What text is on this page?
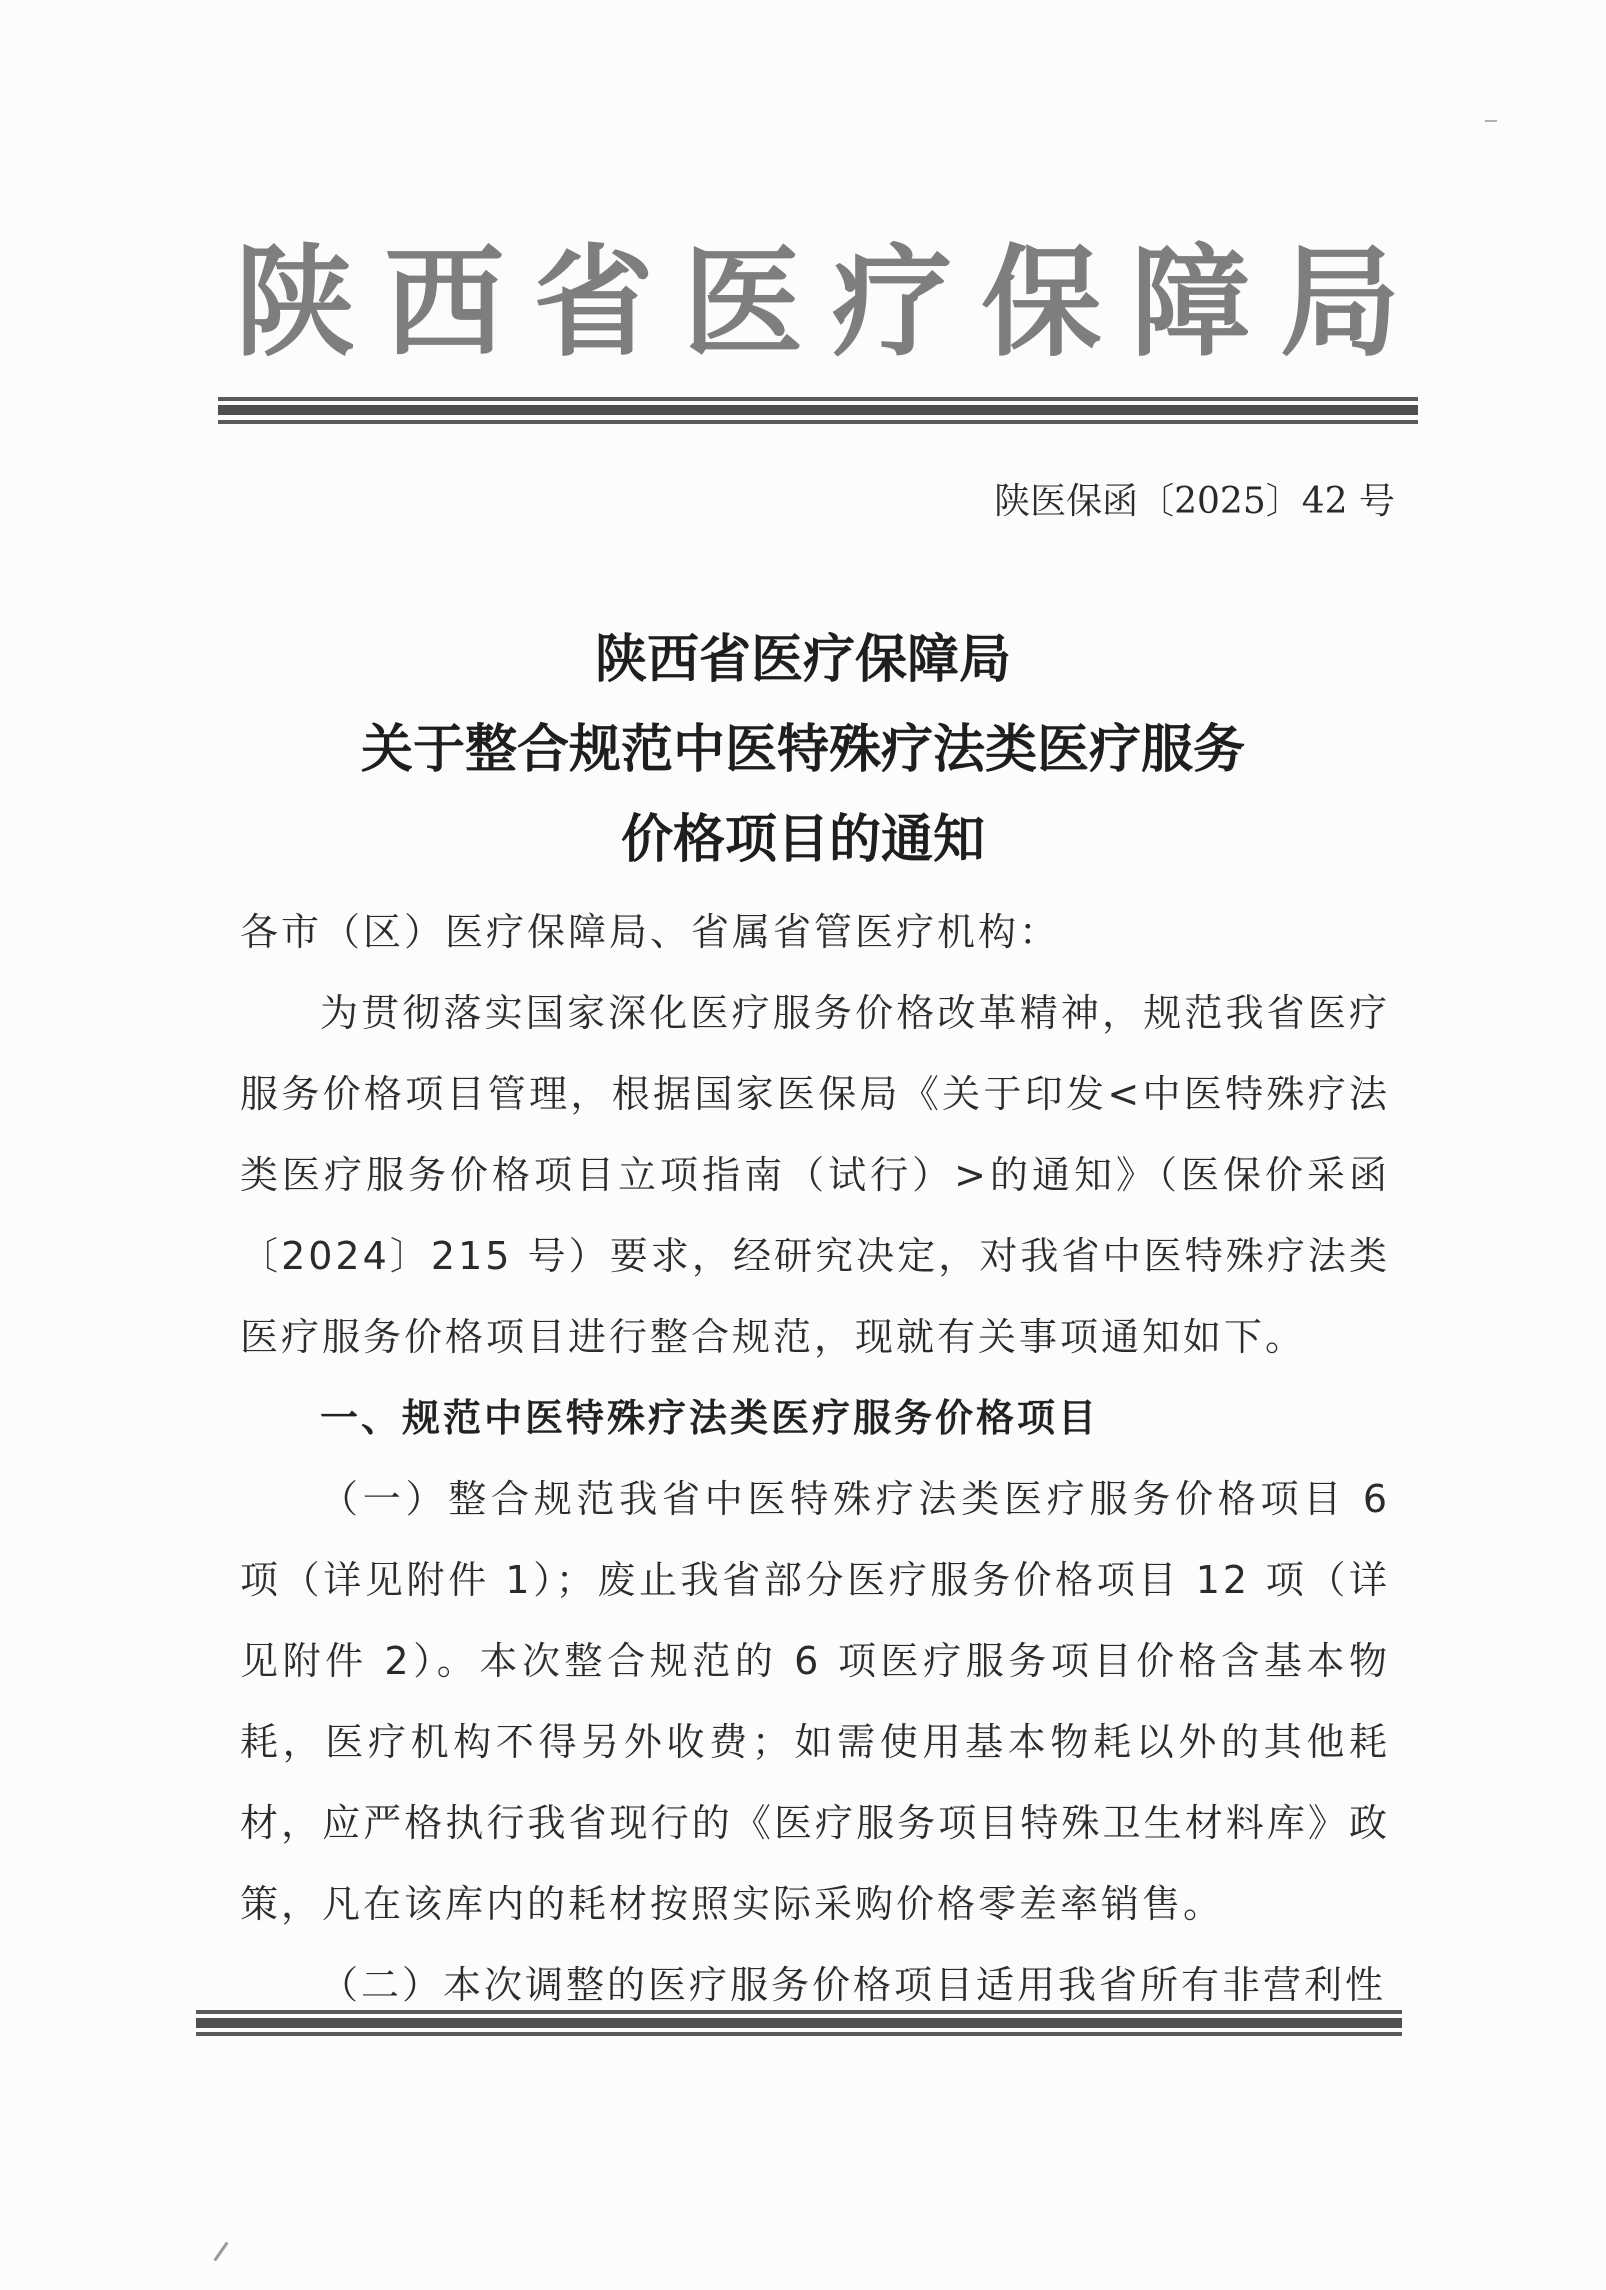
陕 西 省 医 疗 保 障 局

陕医保函〔2025〕42 号

陕西省医疗保障局
关于整合规范中医特殊疗法类医疗服务
价格项目的通知

各市（区）医疗保障局、省属省管医疗机构：

为贯彻落实国家深化医疗服务价格改革精神，规范我省医疗服务价格项目管理，根据国家医保局《关于印发<中医特殊疗法类医疗服务价格项目立项指南（试行）>的通知》（医保价采函〔2024〕215 号）要求，经研究决定，对我省中医特殊疗法类医疗服务价格项目进行整合规范，现就有关事项通知如下。

一、规范中医特殊疗法类医疗服务价格项目

（一）整合规范我省中医特殊疗法类医疗服务价格项目 6 项（详见附件 1）；废止我省部分医疗服务价格项目 12 项（详见附件 2）。本次整合规范的 6 项医疗服务项目价格含基本物耗，医疗机构不得另外收费；如需使用基本物耗以外的其他耗材，应严格执行我省现行的《医疗服务项目特殊卫生材料库》政策，凡在该库内的耗材按照实际采购价格零差率销售。

（二）本次调整的医疗服务价格项目适用我省所有非营利性
